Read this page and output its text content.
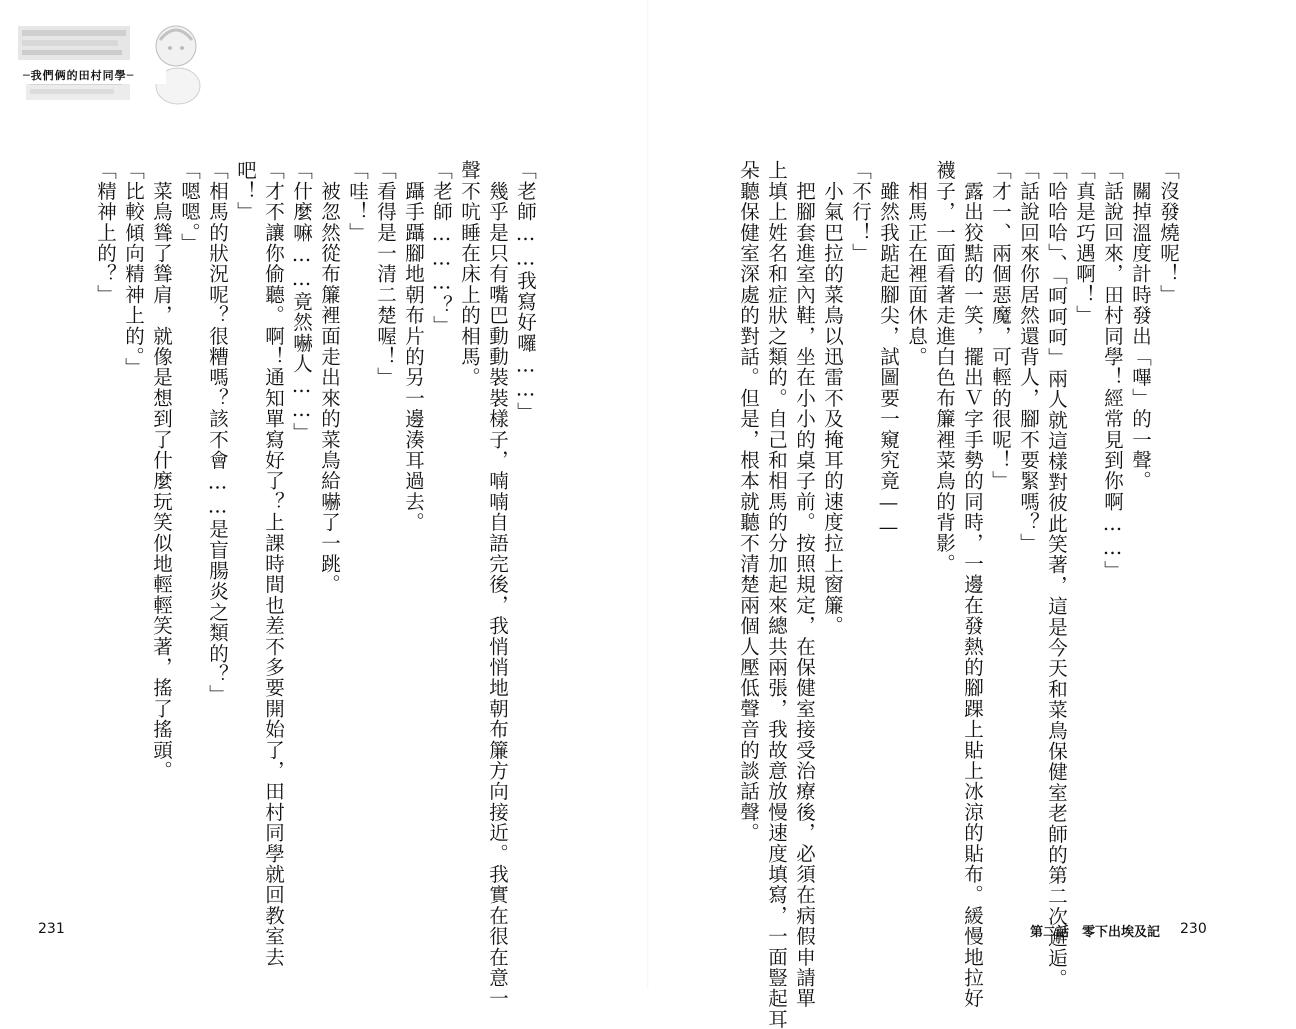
─我們俩的田村同學─
「沒發燒呢！」
　關掉溫度計時發出「嗶」的一聲。
「話說回來，田村同學！經常見到你啊……」
「真是巧遇啊！」
「哈哈哈」、「呵呵呵」兩人就這樣對彼此笑著，這是今天和菜鳥保健室老師的第二次邂逅。
「話說回來你居然還背人，腳不要緊嗎？」
「才一、兩個惡魔，可輕的很呢！」
　露出狡黠的一笑，擺出Ｖ字手勢的同時，一邊在發熱的腳踝上貼上冰涼的貼布。緩慢地拉好
襪子，一面看著走進白色布簾裡菜鳥的背影。
　相馬正在裡面休息。
　雖然我踮起腳尖，試圖要一窺究竟——
「不行！」
　小氣巴拉的菜鳥以迅雷不及掩耳的速度拉上窗簾。
　把腳套進室內鞋，坐在小小的桌子前。按照規定，在保健室接受治療後，必須在病假申請單
上填上姓名和症狀之類的。自己和相馬的分加起來總共兩張，我故意放慢速度填寫，一面豎起耳
朵聽保健室深處的對話。但是，根本就聽不清楚兩個人壓低聲音的談話聲。
「老師……我寫好囉……」
　幾乎是只有嘴巴動動裝裝樣子，喃喃自語完後，我悄悄地朝布簾方向接近。我實在很在意一
聲不吭睡在床上的相馬。
「老師………？」
　躡手躡腳地朝布片的另一邊湊耳過去。
「看得是一清二楚喔！」
「哇！」
　被忽然從布簾裡面走出來的菜鳥給嚇了一跳。
「什麼嘛……竟然嚇人……」
「才不讓你偷聽。啊！通知單寫好了？上課時間也差不多要開始了，田村同學就回教室去
吧！」
「相馬的狀況呢？很糟嗎？該不會……是盲腸炎之類的？」
「嗯嗯。」
　菜鳥聳了聳肩，就像是想到了什麼玩笑似地輕輕笑著，搖了搖頭。
「比較傾向精神上的。」
「精神上的？」
231	第二話　零下出埃及記 230
